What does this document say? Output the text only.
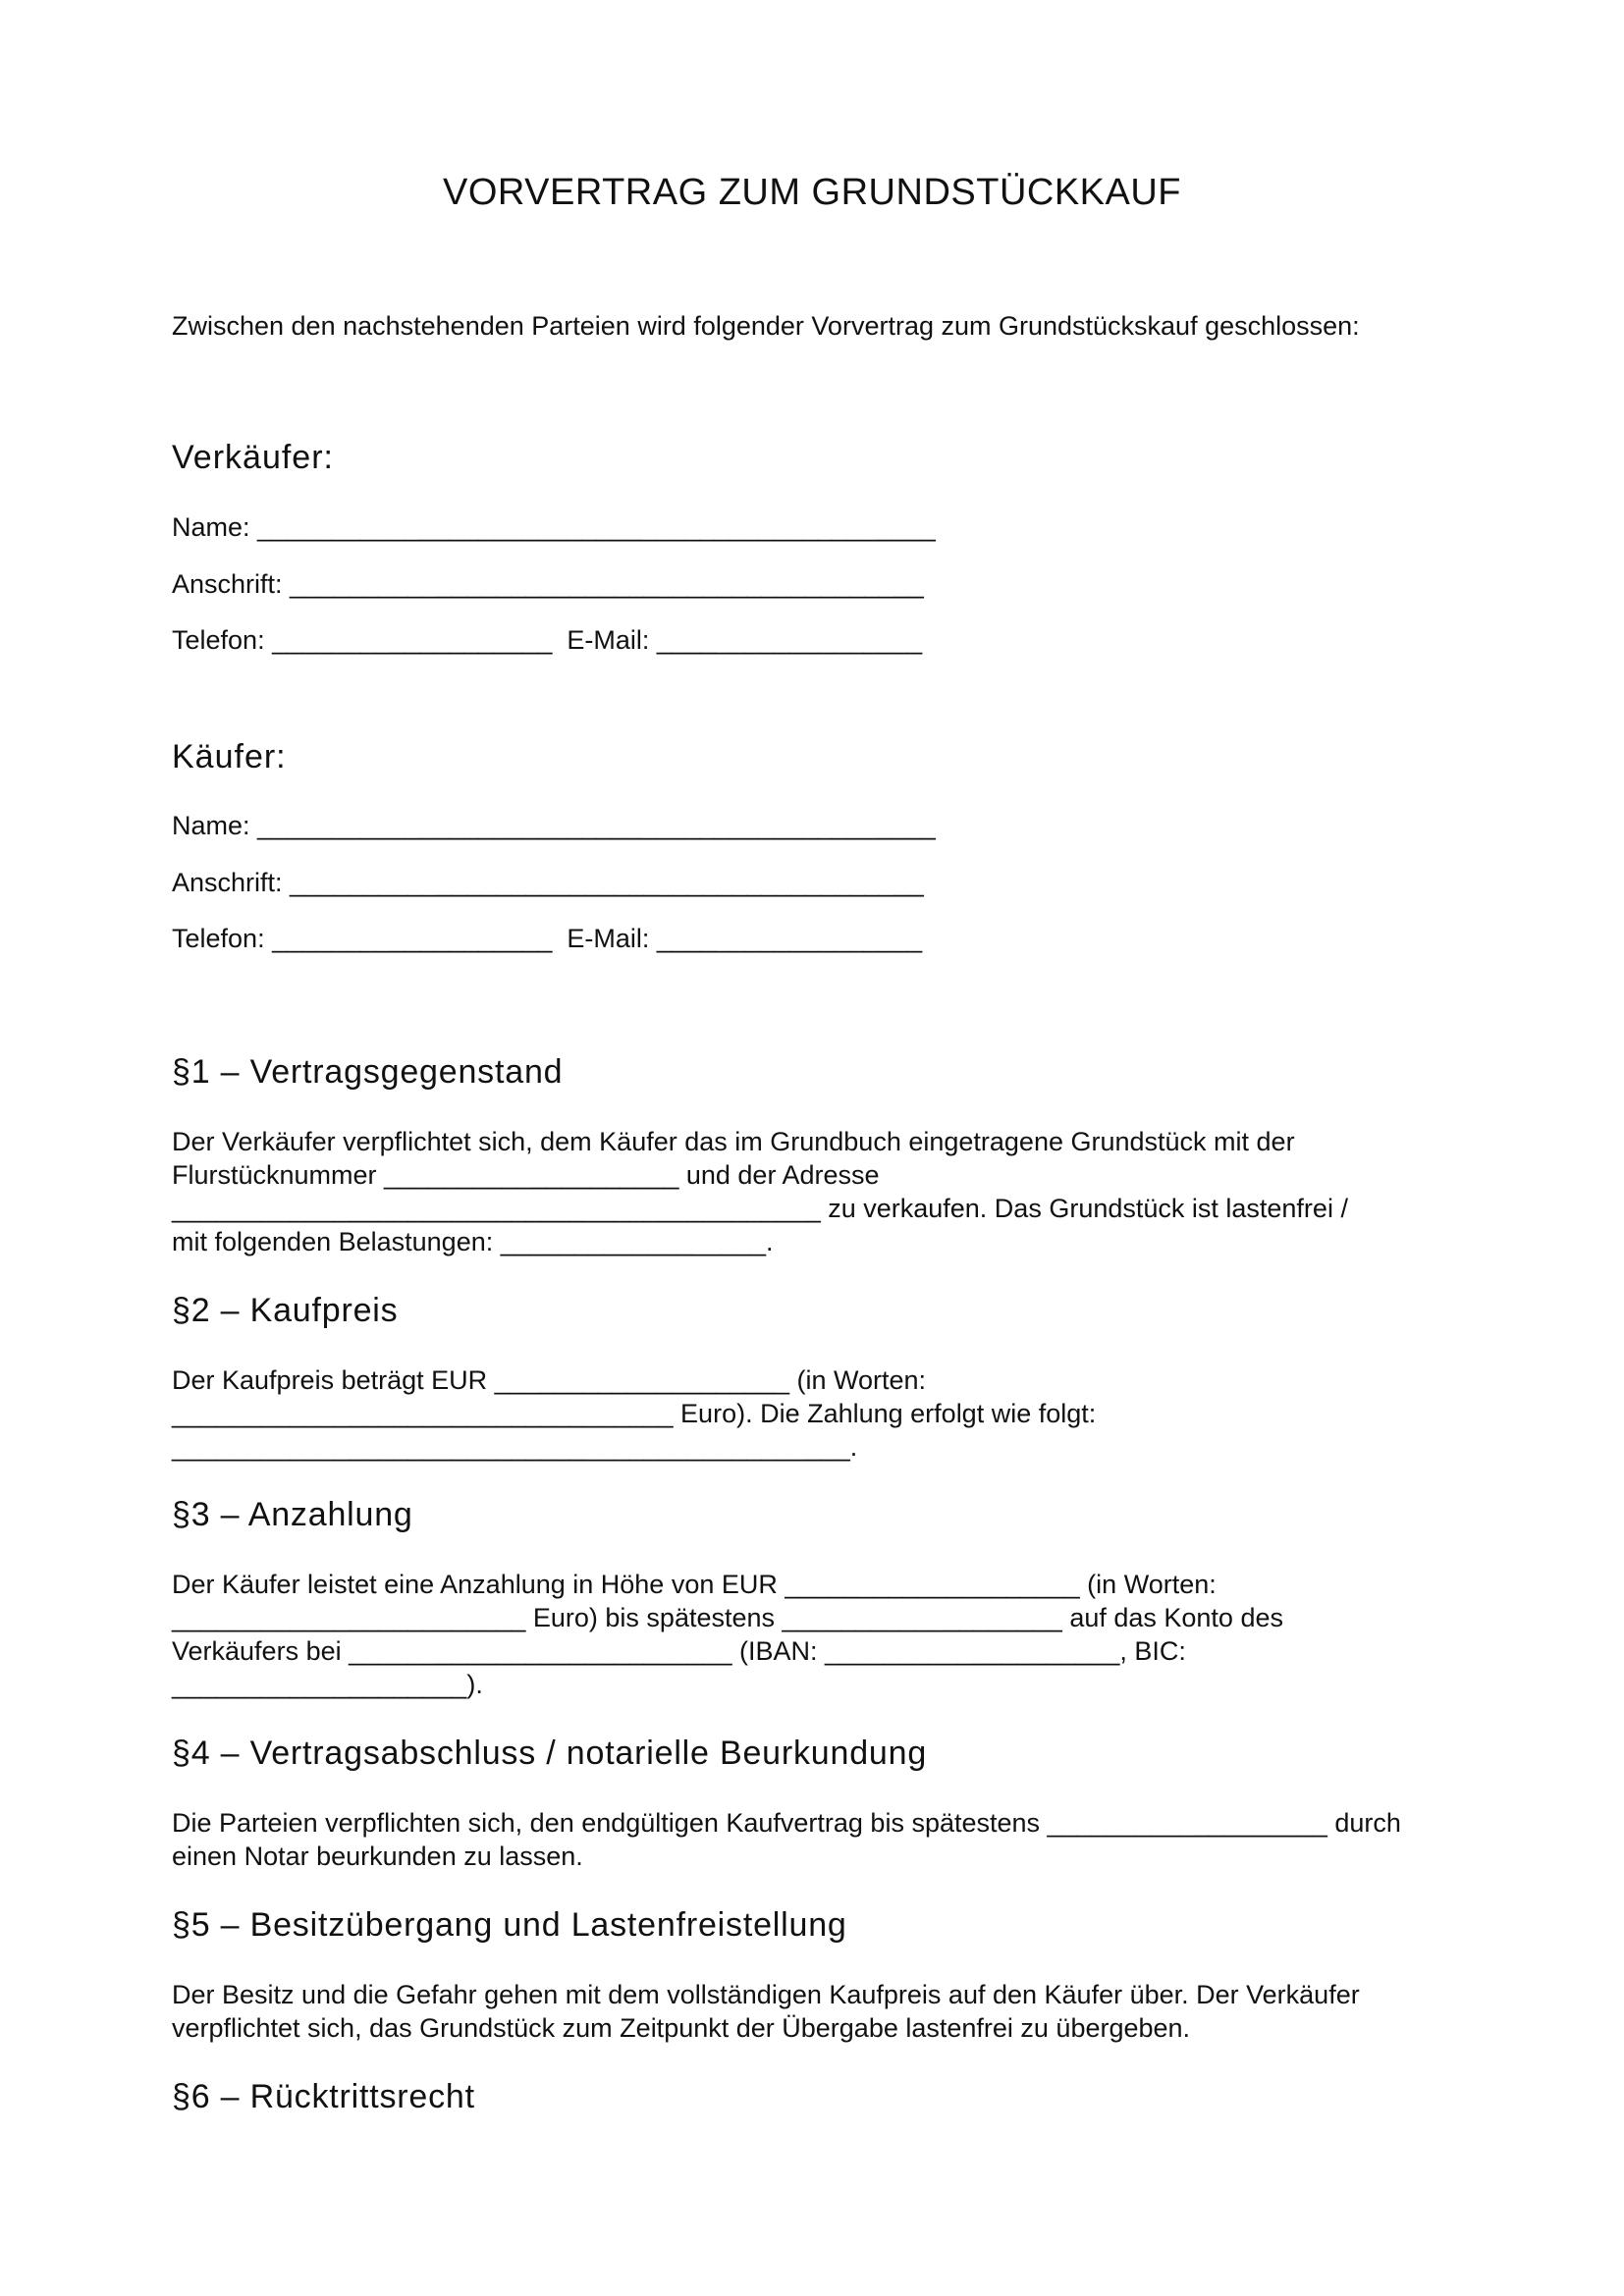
VORVERTRAG ZUM GRUNDSTÜCKKAUF
Zwischen den nachstehenden Parteien wird folgender Vorvertrag zum Grundstückskauf geschlossen:
Verkäufer:
Name: ______________________________________________
Anschrift: ___________________________________________
Telefon: ___________________  E-Mail: __________________
Käufer:
Name: ______________________________________________
Anschrift: ___________________________________________
Telefon: ___________________  E-Mail: __________________
§1 – Vertragsgegenstand
Der Verkäufer verpflichtet sich, dem Käufer das im Grundbuch eingetragene Grundstück mit der
Flurstücknummer ____________________ und der Adresse
____________________________________________ zu verkaufen. Das Grundstück ist lastenfrei /
mit folgenden Belastungen: __________________.
§2 – Kaufpreis
Der Kaufpreis beträgt EUR ____________________ (in Worten:
__________________________________ Euro). Die Zahlung erfolgt wie folgt:
______________________________________________.
§3 – Anzahlung
Der Käufer leistet eine Anzahlung in Höhe von EUR ____________________ (in Worten:
________________________ Euro) bis spätestens ___________________ auf das Konto des
Verkäufers bei __________________________ (IBAN: ____________________, BIC:
____________________).
§4 – Vertragsabschluss / notarielle Beurkundung
Die Parteien verpflichten sich, den endgültigen Kaufvertrag bis spätestens ___________________ durch
einen Notar beurkunden zu lassen.
§5 – Besitzübergang und Lastenfreistellung
Der Besitz und die Gefahr gehen mit dem vollständigen Kaufpreis auf den Käufer über. Der Verkäufer
verpflichtet sich, das Grundstück zum Zeitpunkt der Übergabe lastenfrei zu übergeben.
§6 – Rücktrittsrecht
